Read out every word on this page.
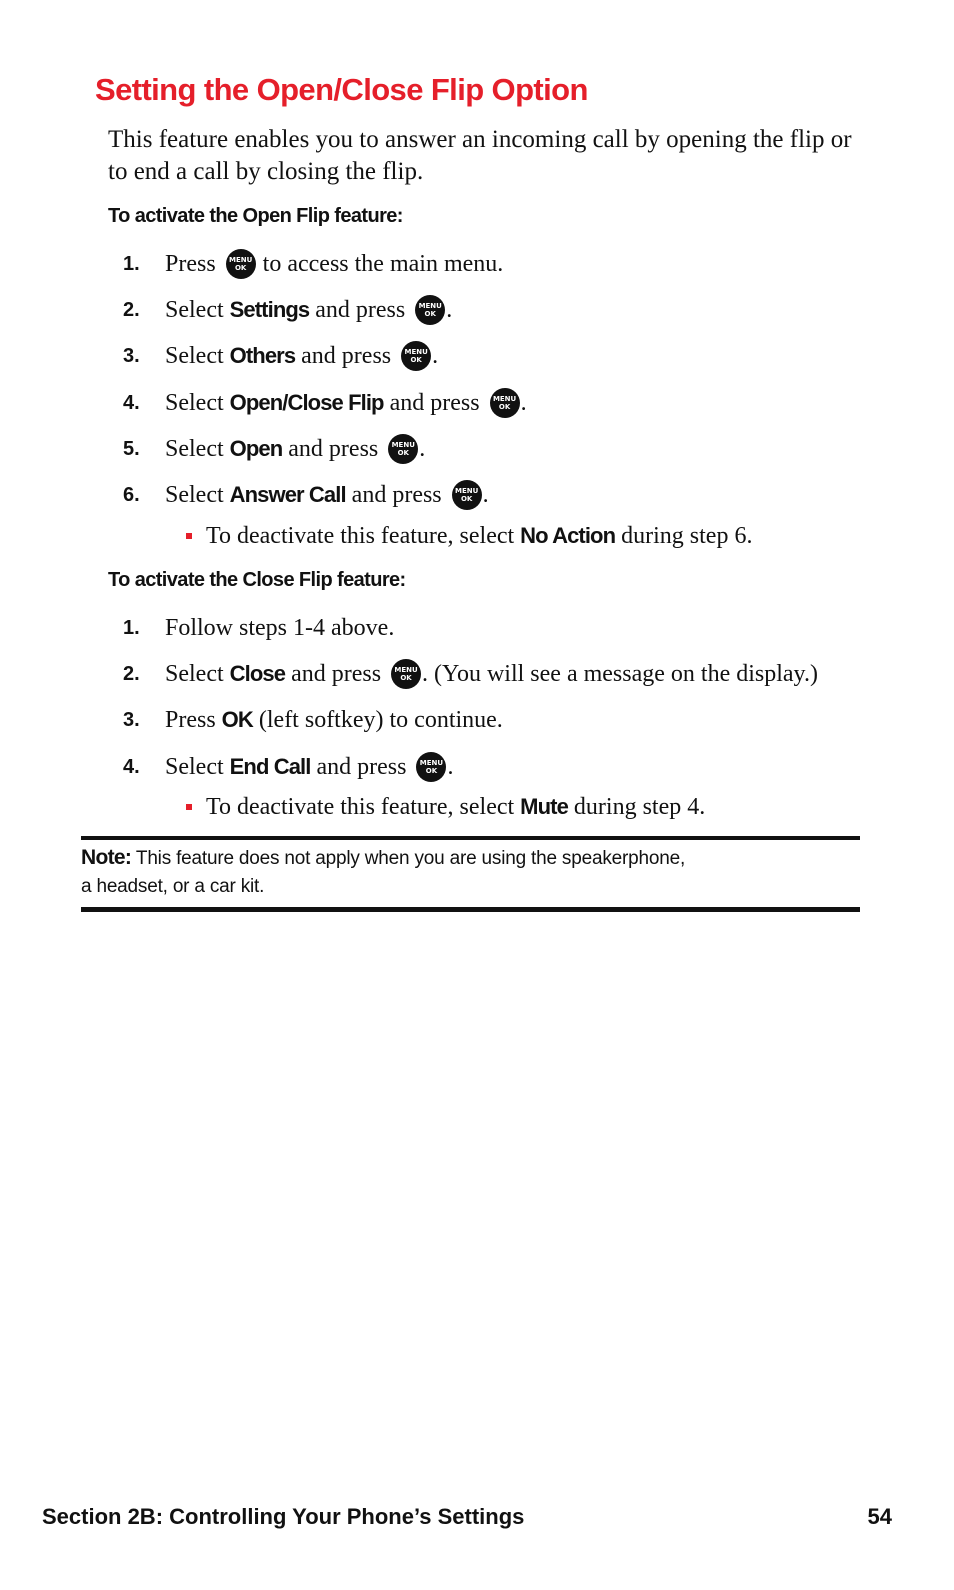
Setting the Open/Close Flip Option

This feature enables you to answer an incoming call by opening the flip or to end a call by closing the flip.

To activate the Open Flip feature:

1.	Press MENU
OK to access the main menu.
2.	Select Settings and press MENU
OK .
3.	Select Others and press MENU
OK .
4.	Select Open/Close Flip and press MENU
OK .
5.	Select Open and press MENU
OK .
6.	Select Answer Call and press MENU
OK .
To deactivate this feature, select No Action during step 6.

To activate the Close Flip feature:

1.	Follow steps 1-4 above.
2.	Select Close and press MENU
OK . (You will see a message on the display.)
3.	Press OK (left softkey) to continue.
4.	Select End Call and press MENU
OK .
To deactivate this feature, select Mute during step 4.

Note: This feature does not apply when you are using the speakerphone,
a headset, or a car kit.

Section 2B: Controlling Your Phone’s Settings	54
